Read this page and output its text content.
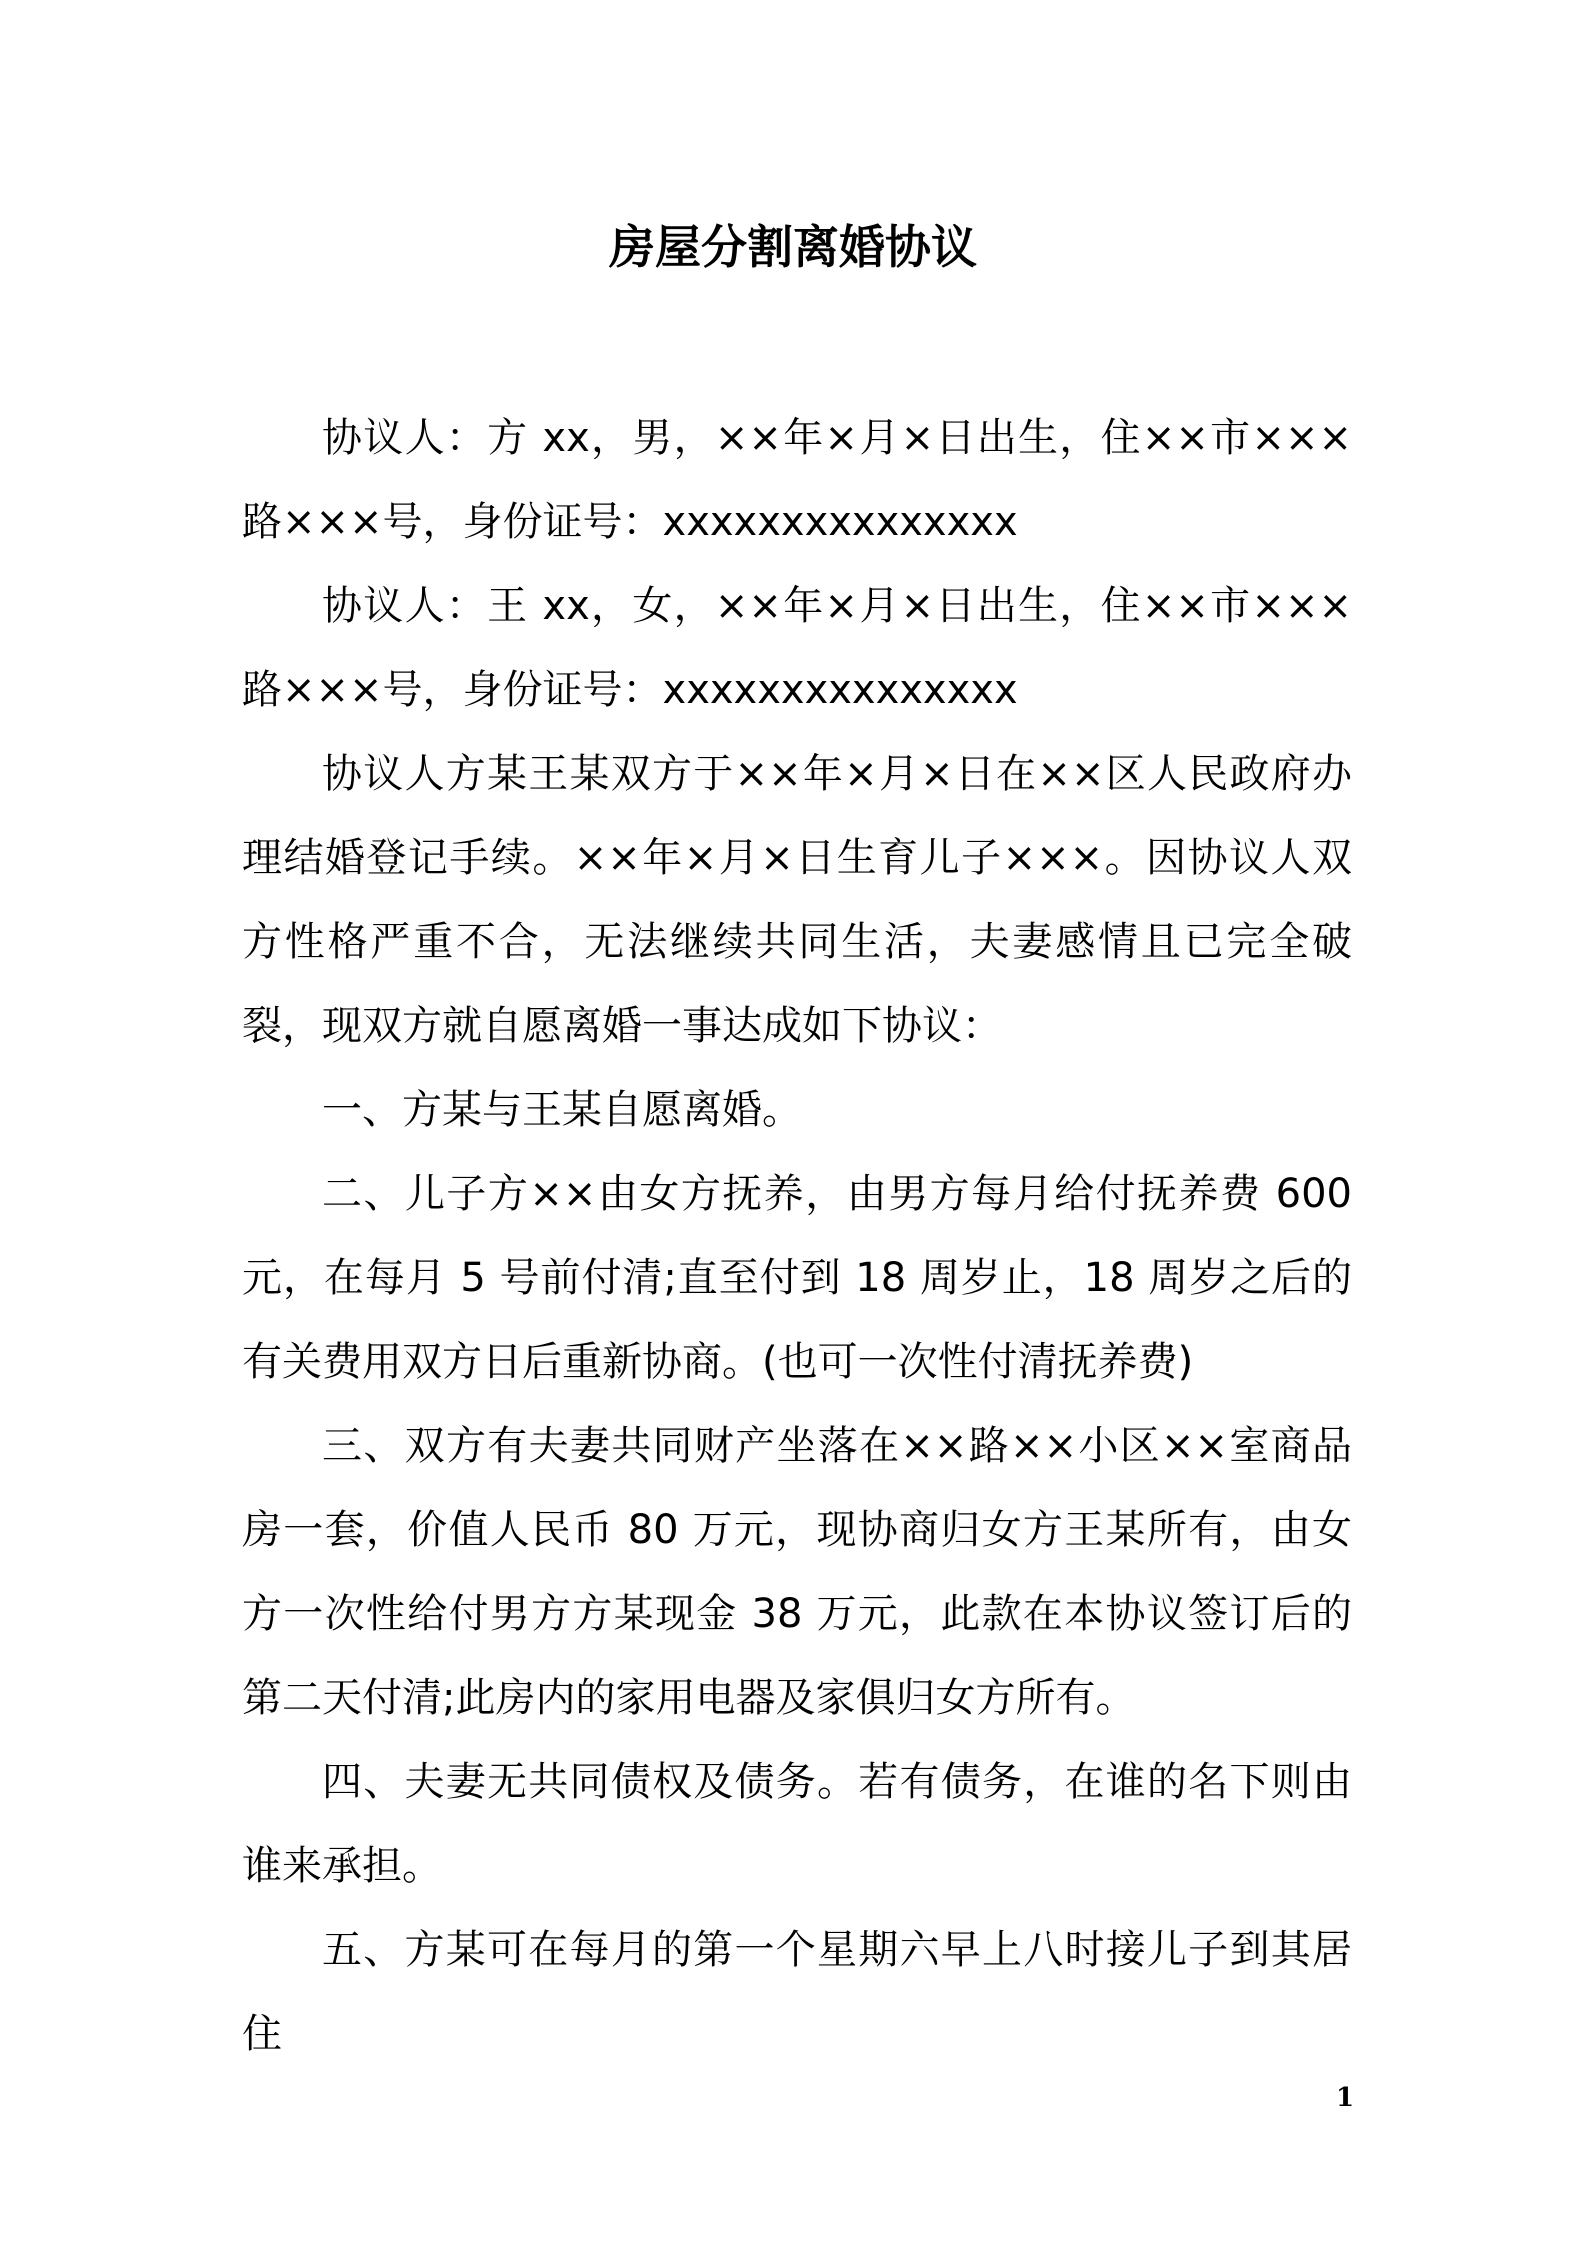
房屋分割离婚协议

协议人：方 xx，男，××年×月×日出生，住××市×××路×××号，身份证号：xxxxxxxxxxxxxxx

协议人：王 xx，女，××年×月×日出生，住××市×××路×××号，身份证号：xxxxxxxxxxxxxxx

协议人方某王某双方于××年×月×日在××区人民政府办理结婚登记手续。××年×月×日生育儿子×××。因协议人双方性格严重不合，无法继续共同生活，夫妻感情且已完全破裂，现双方就自愿离婚一事达成如下协议：

一、方某与王某自愿离婚。

二、儿子方××由女方抚养，由男方每月给付抚养费 600 元，在每月 5 号前付清;直至付到 18 周岁止，18 周岁之后的有关费用双方日后重新协商。(也可一次性付清抚养费)

三、双方有夫妻共同财产坐落在××路××小区××室商品房一套，价值人民币 80 万元，现协商归女方王某所有，由女方一次性给付男方方某现金 38 万元，此款在本协议签订后的第二天付清;此房内的家用电器及家俱归女方所有。

四、夫妻无共同债权及债务。若有债务，在谁的名下则由谁来承担。

五、方某可在每月的第一个星期六早上八时接儿子到其居住

1
